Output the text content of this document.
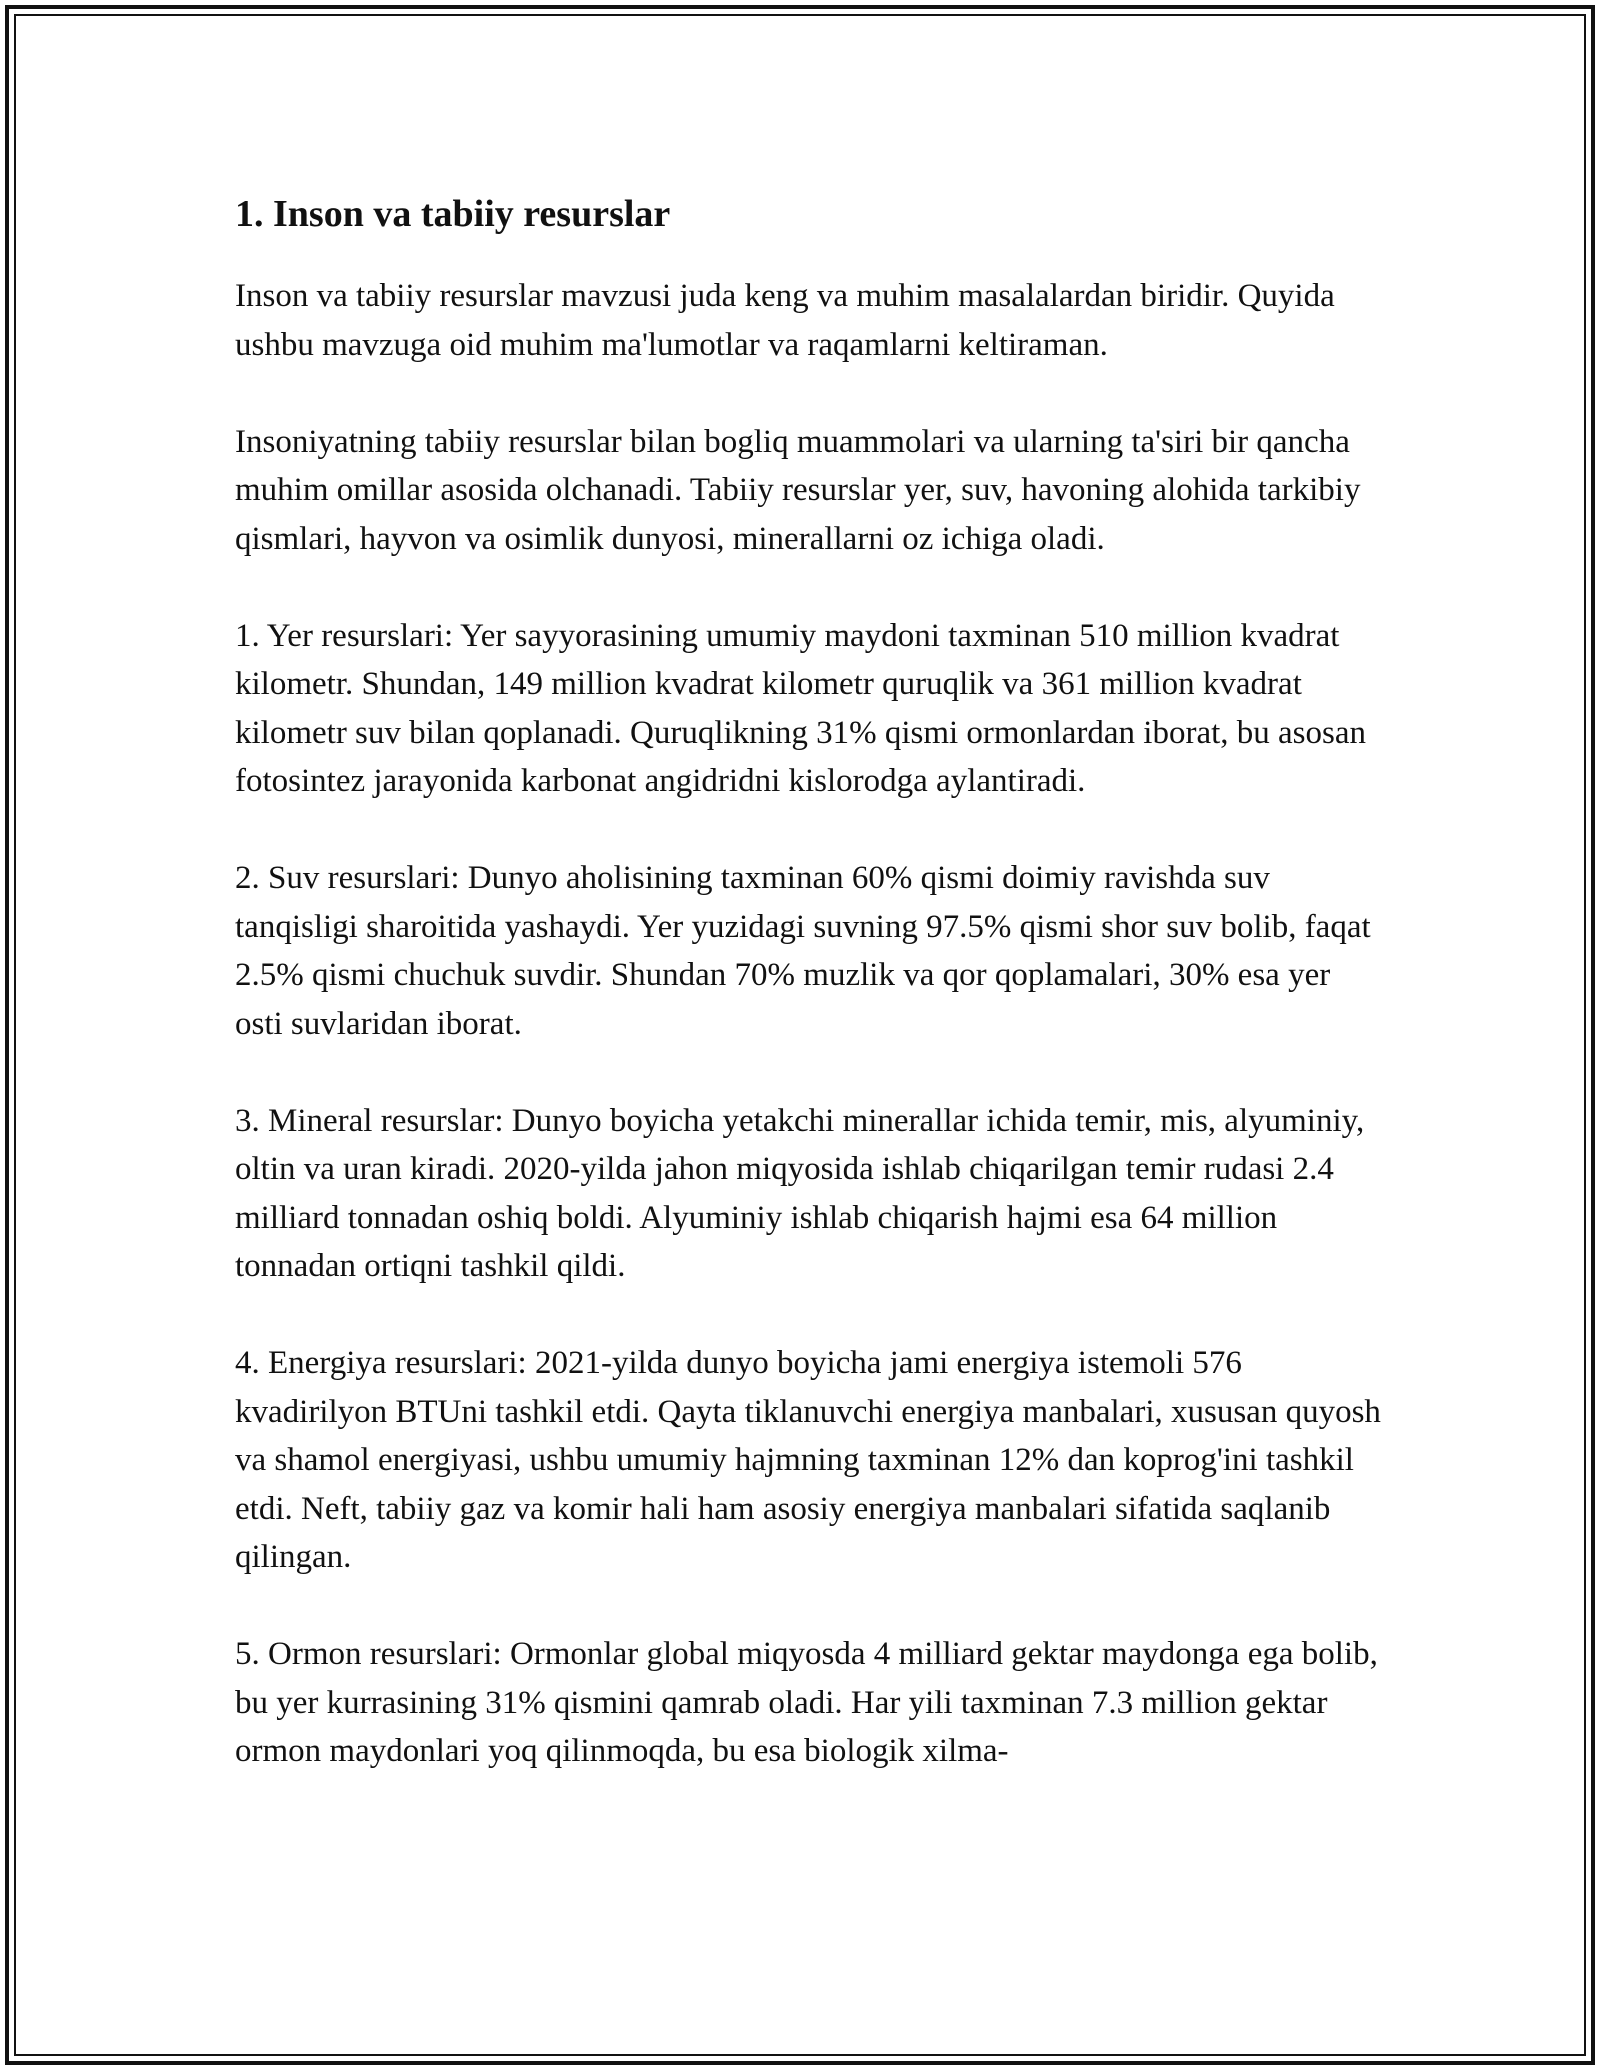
1. Inson va tabiiy resurslar

Inson va tabiiy resurslar mavzusi juda keng va muhim masalalardan biridir. Quyida ushbu mavzuga oid muhim ma'lumotlar va raqamlarni keltiraman.

Insoniyatning tabiiy resurslar bilan bogliq muammolari va ularning ta'siri bir qancha muhim omillar asosida olchanadi. Tabiiy resurslar yer, suv, havoning alohida tarkibiy qismlari, hayvon va osimlik dunyosi, minerallarni oz ichiga oladi.

1. Yer resurslari: Yer sayyorasining umumiy maydoni taxminan 510 million kvadrat kilometr. Shundan, 149 million kvadrat kilometr quruqlik va 361 million kvadrat kilometr suv bilan qoplanadi. Quruqlikning 31% qismi ormonlardan iborat, bu asosan fotosintez jarayonida karbonat angidridni kislorodga aylantiradi.

2. Suv resurslari: Dunyo aholisining taxminan 60% qismi doimiy ravishda suv tanqisligi sharoitida yashaydi. Yer yuzidagi suvning 97.5% qismi shor suv bolib, faqat 2.5% qismi chuchuk suvdir. Shundan 70% muzlik va qor qoplamalari, 30% esa yer osti suvlaridan iborat.

3. Mineral resurslar: Dunyo boyicha yetakchi minerallar ichida temir, mis, alyuminiy, oltin va uran kiradi. 2020-yilda jahon miqyosida ishlab chiqarilgan temir rudasi 2.4 milliard tonnadan oshiq boldi. Alyuminiy ishlab chiqarish hajmi esa 64 million tonnadan ortiqni tashkil qildi.

4. Energiya resurslari: 2021-yilda dunyo boyicha jami energiya istemoli 576 kvadirilyon BTUni tashkil etdi. Qayta tiklanuvchi energiya manbalari, xususan quyosh va shamol energiyasi, ushbu umumiy hajmning taxminan 12% dan koprog'ini tashkil etdi. Neft, tabiiy gaz va komir hali ham asosiy energiya manbalari sifatida saqlanib qilingan.

5. Ormon resurslari: Ormonlar global miqyosda 4 milliard gektar maydonga ega bolib, bu yer kurrasining 31% qismini qamrab oladi. Har yili taxminan 7.3 million gektar ormon maydonlari yoq qilinmoqda, bu esa biologik xilma-
